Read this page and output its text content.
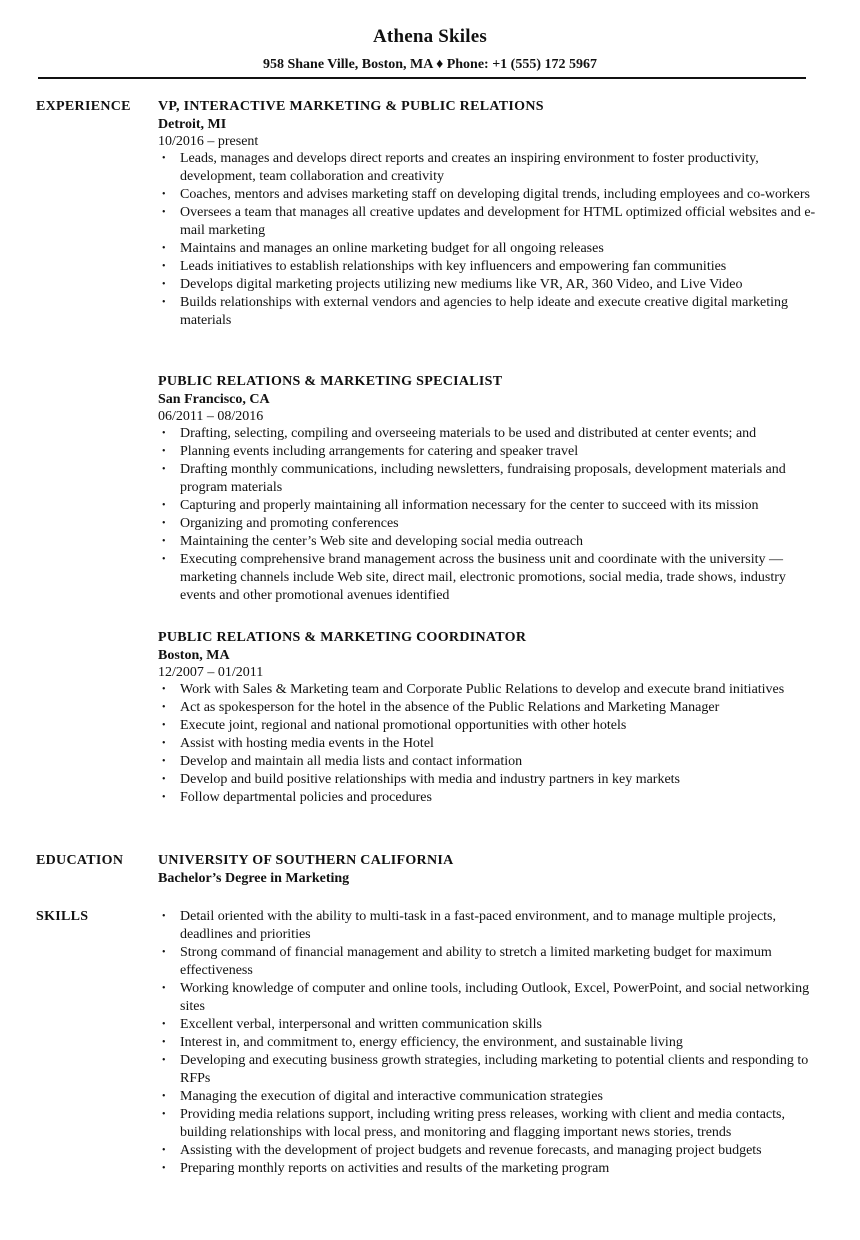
Athena Skiles
958 Shane Ville, Boston, MA ♦ Phone: +1 (555) 172 5967
EXPERIENCE VP, INTERACTIVE MARKETING & PUBLIC RELATIONS
Detroit, MI
10/2016 – present
• Leads, manages and develops direct reports and creates an inspiring environment to foster productivity, development, team collaboration and creativity
• Coaches, mentors and advises marketing staff on developing digital trends, including employees and co-workers
• Oversees a team that manages all creative updates and development for HTML optimized official websites and e-mail marketing
• Maintains and manages an online marketing budget for all ongoing releases
• Leads initiatives to establish relationships with key influencers and empowering fan communities
• Develops digital marketing projects utilizing new mediums like VR, AR, 360 Video, and Live Video
• Builds relationships with external vendors and agencies to help ideate and execute creative digital marketing materials
PUBLIC RELATIONS & MARKETING SPECIALIST
San Francisco, CA
06/2011 – 08/2016
• Drafting, selecting, compiling and overseeing materials to be used and distributed at center events; and
• Planning events including arrangements for catering and speaker travel
• Drafting monthly communications, including newsletters, fundraising proposals, development materials and program materials
• Capturing and properly maintaining all information necessary for the center to succeed with its mission
• Organizing and promoting conferences
• Maintaining the center’s Web site and developing social media outreach
• Executing comprehensive brand management across the business unit and coordinate with the university —marketing channels include Web site, direct mail, electronic promotions, social media, trade shows, industry events and other promotional avenues identified
PUBLIC RELATIONS & MARKETING COORDINATOR
Boston, MA
12/2007 – 01/2011
• Work with Sales & Marketing team and Corporate Public Relations to develop and execute brand initiatives
• Act as spokesperson for the hotel in the absence of the Public Relations and Marketing Manager
• Execute joint, regional and national promotional opportunities with other hotels
• Assist with hosting media events in the Hotel
• Develop and maintain all media lists and contact information
• Develop and build positive relationships with media and industry partners in key markets
• Follow departmental policies and procedures
EDUCATION UNIVERSITY OF SOUTHERN CALIFORNIA
Bachelor’s Degree in Marketing
SKILLS	• Detail oriented with the ability to multi-task in a fast-paced environment, and to manage multiple projects, deadlines and priorities
• Strong command of financial management and ability to stretch a limited marketing budget for maximum effectiveness
• Working knowledge of computer and online tools, including Outlook, Excel, PowerPoint, and social networking sites
• Excellent verbal, interpersonal and written communication skills
• Interest in, and commitment to, energy efficiency, the environment, and sustainable living
• Developing and executing business growth strategies, including marketing to potential clients and responding to RFPs
• Managing the execution of digital and interactive communication strategies
• Providing media relations support, including writing press releases, working with client and media contacts, building relationships with local press, and monitoring and flagging important news stories, trends
• Assisting with the development of project budgets and revenue forecasts, and managing project budgets
• Preparing monthly reports on activities and results of the marketing program
